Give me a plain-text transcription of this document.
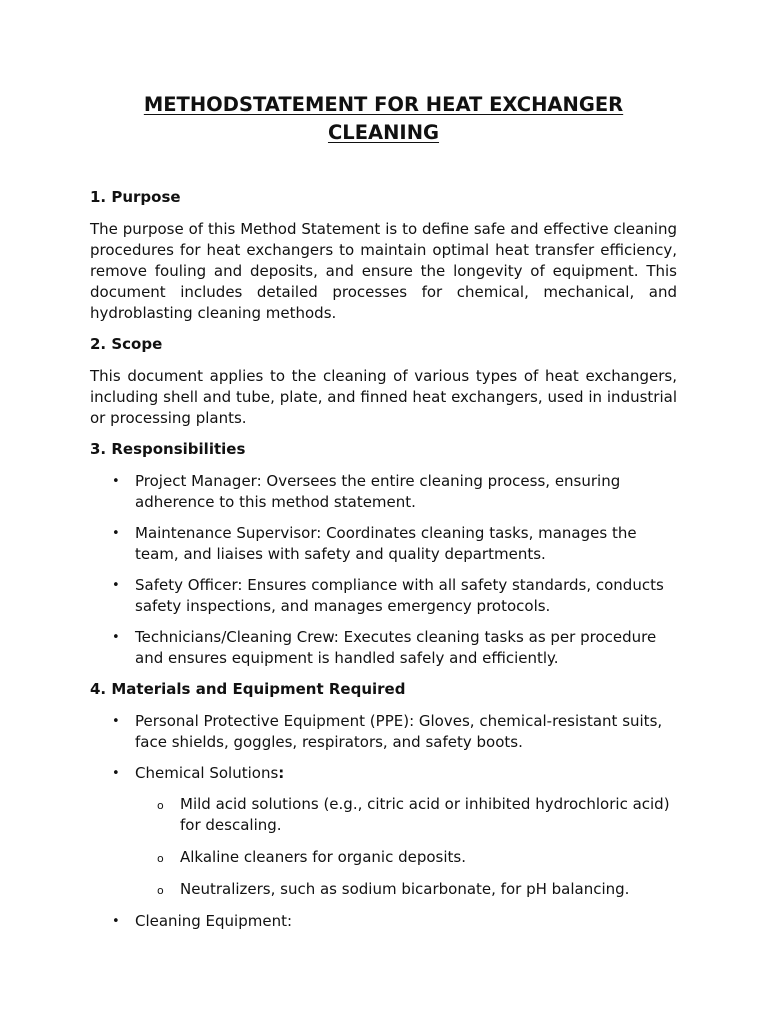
METHODSTATEMENT FOR HEAT EXCHANGER
CLEANING
1. Purpose

The purpose of this Method Statement is to define safe and effective cleaning procedures for heat exchangers to maintain optimal heat transfer efficiency, remove fouling and deposits, and ensure the longevity of equipment. This document includes detailed processes for chemical, mechanical, and hydroblasting cleaning methods.

2. Scope

This document applies to the cleaning of various types of heat exchangers, including shell and tube, plate, and finned heat exchangers, used in industrial or processing plants.

3. Responsibilities
• Project Manager: Oversees the entire cleaning process, ensuring adherence to this method statement.
• Maintenance Supervisor: Coordinates cleaning tasks, manages the team, and liaises with safety and quality departments.
• Safety Officer: Ensures compliance with all safety standards, conducts safety inspections, and manages emergency protocols.
• Technicians/Cleaning Crew: Executes cleaning tasks as per procedure and ensures equipment is handled safely and efficiently.
4. Materials and Equipment Required
• Personal Protective Equipment (PPE): Gloves, chemical-resistant suits, face shields, goggles, respirators, and safety boots.
• Chemical Solutions:
o Mild acid solutions (e.g., citric acid or inhibited hydrochloric acid) for descaling.
o Alkaline cleaners for organic deposits.
o Neutralizers, such as sodium bicarbonate, for pH balancing.
• Cleaning Equipment:
